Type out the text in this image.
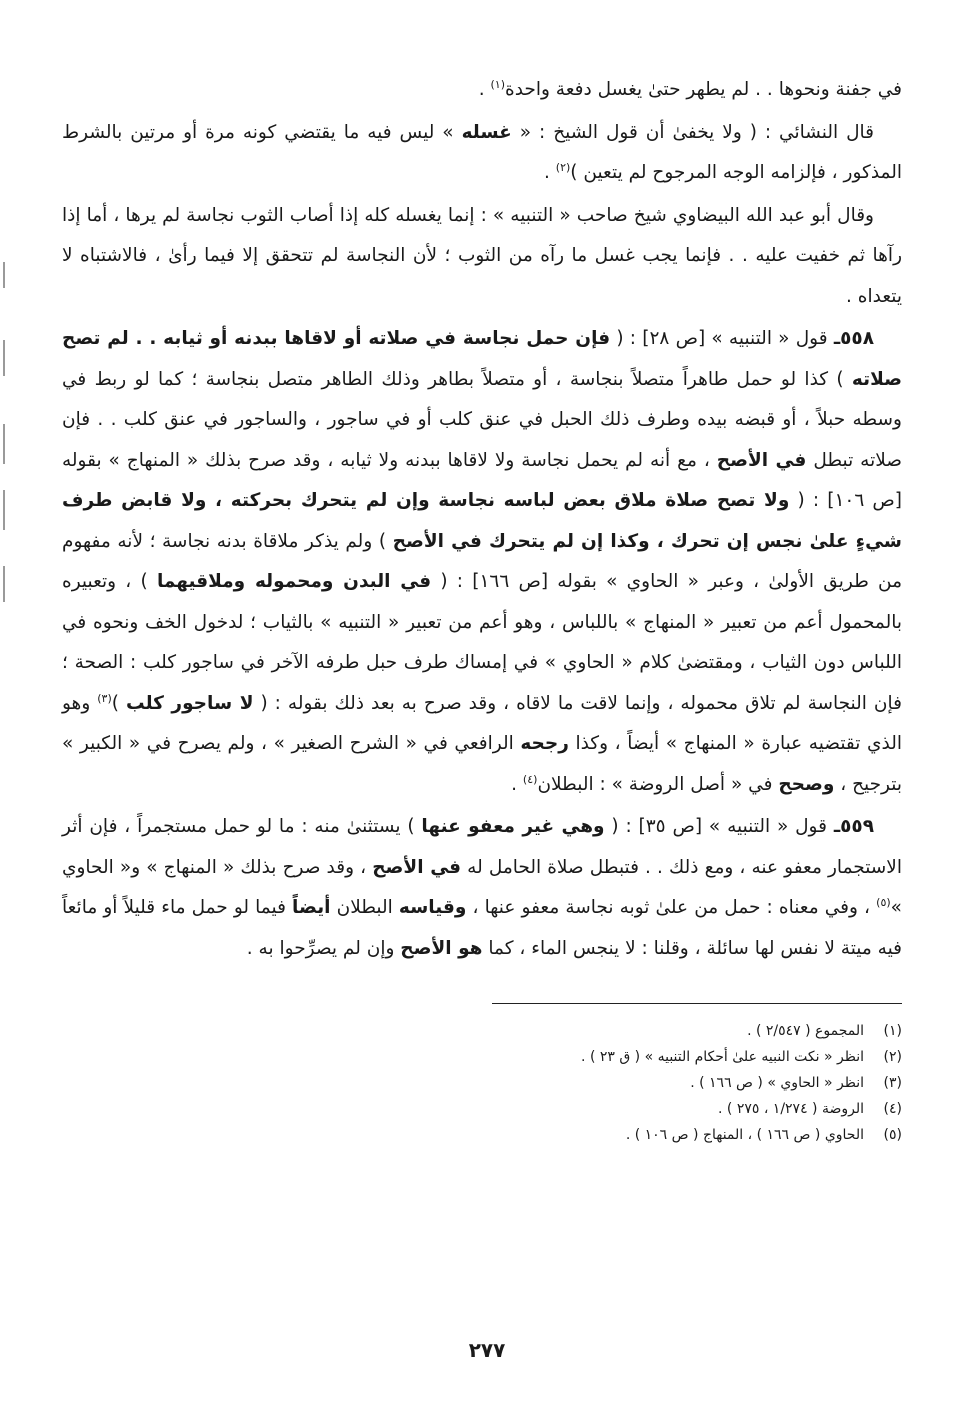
في جفنة ونحوها . . لم يطهر حتىٰ يغسل دفعة واحدة$^{(١)}$ .

قال النشائي : ( ولا يخفىٰ أن قول الشيخ : « غسله » ليس فيه ما يقتضي كونه مرة أو مرتين بالشرط المذكور ، فإلزامه الوجه المرجوح لم يتعين )$^{(٢)}$ .

وقال أبو عبد الله البيضاوي شيخ صاحب « التنبيه » : إنما يغسله كله إذا أصاب الثوب نجاسة لم يرها ، أما إذا رآها ثم خفيت عليه . . فإنما يجب غسل ما رآه من الثوب ؛ لأن النجاسة لم تتحقق إلا فيما رأىٰ ، فالاشتباه لا يتعداه .

٥٥٨ـ قول « التنبيه » [ص ٢٨] : ( فإن حمل نجاسة في صلاته أو لاقاها ببدنه أو ثيابه . . لم تصح صلاته ) كذا لو حمل طاهراً متصلاً بنجاسة ، أو متصلاً بطاهر وذلك الطاهر متصل بنجاسة ؛ كما لو ربط في وسطه حبلاً ، أو قبضه بيده وطرف ذلك الحبل في عنق كلب أو في ساجور ، والساجور في عنق كلب . . فإن صلاته تبطل في الأصح ، مع أنه لم يحمل نجاسة ولا لاقاها ببدنه ولا ثيابه ، وقد صرح بذلك « المنهاج » بقوله [ص ١٠٦] : ( ولا تصح صلاة ملاق بعض لباسه نجاسة وإن لم يتحرك بحركته ، ولا قابض طرف شيءٍ علىٰ نجس إن تحرك ، وكذا إن لم يتحرك في الأصح ) ولم يذكر ملاقاة بدنه نجاسة ؛ لأنه مفهوم من طريق الأولىٰ ، وعبر « الحاوي » بقوله [ص ١٦٦] : ( في البدن ومحموله وملاقيهما ) ، وتعبيره بالمحمول أعم من تعبير « المنهاج » باللباس ، وهو أعم من تعبير « التنبيه » بالثياب ؛ لدخول الخف ونحوه في اللباس دون الثياب ، ومقتضىٰ كلام « الحاوي » في إمساك طرف حبل طرفه الآخر في ساجور كلب : الصحة ؛ فإن النجاسة لم تلاق محموله ، وإنما لاقت ما لاقاه ، وقد صرح به بعد ذلك بقوله : ( لا ساجور كلب )$^{(٣)}$ وهو الذي تقتضيه عبارة « المنهاج » أيضاً ، وكذا رجحه الرافعي في « الشرح الصغير » ، ولم يصرح في « الكبير » بترجيح ، وصحح في « أصل الروضة » : البطلان$^{(٤)}$ .

٥٥٩ـ قول « التنبيه » [ص ٣٥] : ( وهي غير معفو عنها ) يستثنىٰ منه : ما لو حمل مستجمراً ، فإن أثر الاستجمار معفو عنه ، ومع ذلك . . فتبطل صلاة الحامل له في الأصح ، وقد صرح بذلك « المنهاج » و« الحاوي »$^{(٥)}$ ، وفي معناه : حمل من علىٰ ثوبه نجاسة معفو عنها ، وقياسه البطلان أيضاً فيما لو حمل ماء قليلاً أو مائعاً فيه ميتة لا نفس لها سائلة ، وقلنا : لا ينجس الماء ، كما هو الأصح وإن لم يصرِّحوا به .

(١)
المجموع ( ٢/٥٤٧ ) .
(٢)
انظر « نكت النبيه علىٰ أحكام التنبيه » ( ق ٢٣ ) .
(٣)
انظر « الحاوي » ( ص ١٦٦ ) .
(٤)
الروضة ( ١/٢٧٤ ، ٢٧٥ ) .
(٥)
الحاوي ( ص ١٦٦ ) ، المنهاج ( ص ١٠٦ ) .
٢٧٧
